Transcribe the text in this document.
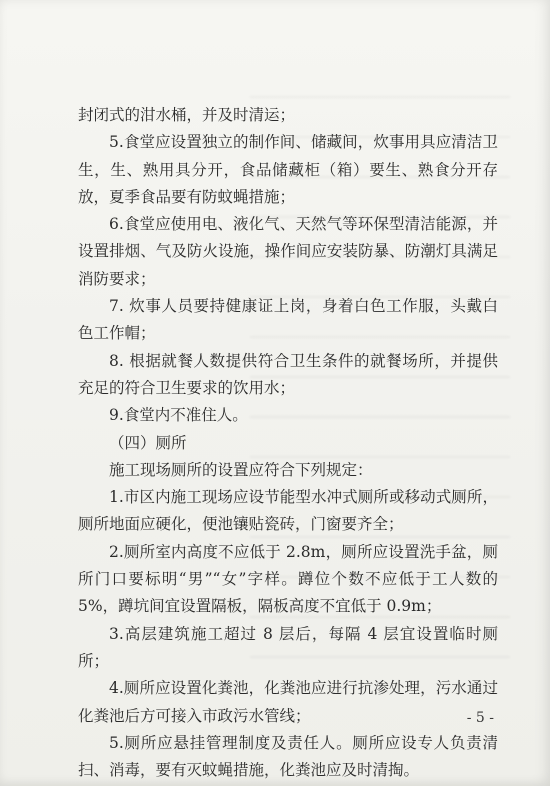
封闭式的泔水桶，并及时清运；

5.食堂应设置独立的制作间、储藏间，炊事用具应清洁卫生，生、熟用具分开，食品储藏柜（箱）要生、熟食分开存放，夏季食品要有防蚊蝇措施；

6.食堂应使用电、液化气、天然气等环保型清洁能源，并设置排烟、气及防火设施，操作间应安装防暴、防潮灯具满足消防要求；

7. 炊事人员要持健康证上岗，身着白色工作服，头戴白色工作帽；

8. 根据就餐人数提供符合卫生条件的就餐场所，并提供充足的符合卫生要求的饮用水；

9.食堂内不准住人。

（四）厕所

施工现场厕所的设置应符合下列规定：

1.市区内施工现场应设节能型水冲式厕所或移动式厕所，厕所地面应硬化，便池镶贴瓷砖，门窗要齐全；

2.厕所室内高度不应低于 2.8m，厕所应设置洗手盆，厕所门口要标明“男”“女”字样。蹲位个数不应低于工人数的 5%，蹲坑间宜设置隔板，隔板高度不宜低于 0.9m；

3.高层建筑施工超过 8 层后，每隔 4 层宜设置临时厕所；

4.厕所应设置化粪池，化粪池应进行抗渗处理，污水通过化粪池后方可接入市政污水管线；

5.厕所应悬挂管理制度及责任人。厕所应设专人负责清扫、消毒，要有灭蚊蝇措施，化粪池应及时清掏。

- 5 -
